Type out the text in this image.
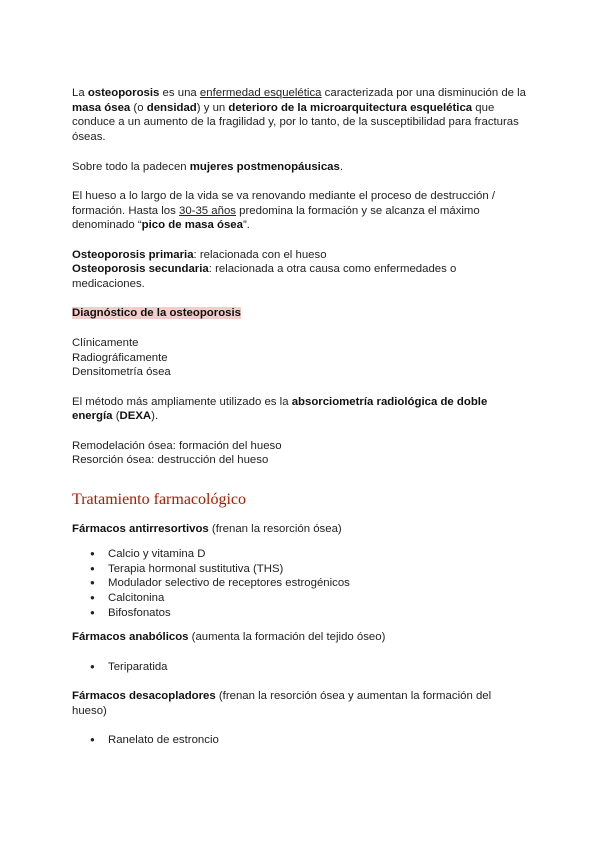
La osteoporosis es una enfermedad esquelética caracterizada por una disminución de la masa ósea (o densidad) y un deterioro de la microarquitectura esquelética que conduce a un aumento de la fragilidad y, por lo tanto, de la susceptibilidad para fracturas óseas.

Sobre todo la padecen mujeres postmenopáusicas.

El hueso a lo largo de la vida se va renovando mediante el proceso de destrucción / formación. Hasta los 30-35 años predomina la formación y se alcanza el máximo denominado “pico de masa ósea”.

Osteoporosis primaria: relacionada con el hueso

Osteoporosis secundaria: relacionada a otra causa como enfermedades o medicaciones.

Diagnóstico de la osteoporosis

Clínicamente

Radiográficamente

Densitometría ósea

El método más ampliamente utilizado es la absorciometría radiológica de doble energía (DEXA).

Remodelación ósea: formación del hueso

Resorción ósea: destrucción del hueso

Tratamiento farmacológico

Fármacos antirresortivos (frenan la resorción ósea)

● Calcio y vitamina D
● Terapia hormonal sustitutiva (THS)
● Modulador selectivo de receptores estrogénicos
● Calcitonina
● Bifosfonatos

Fármacos anabólicos (aumenta la formación del tejido óseo)

● Teriparatida

Fármacos desacopladores (frenan la resorción ósea y aumentan la formación del hueso)

● Ranelato de estroncio
